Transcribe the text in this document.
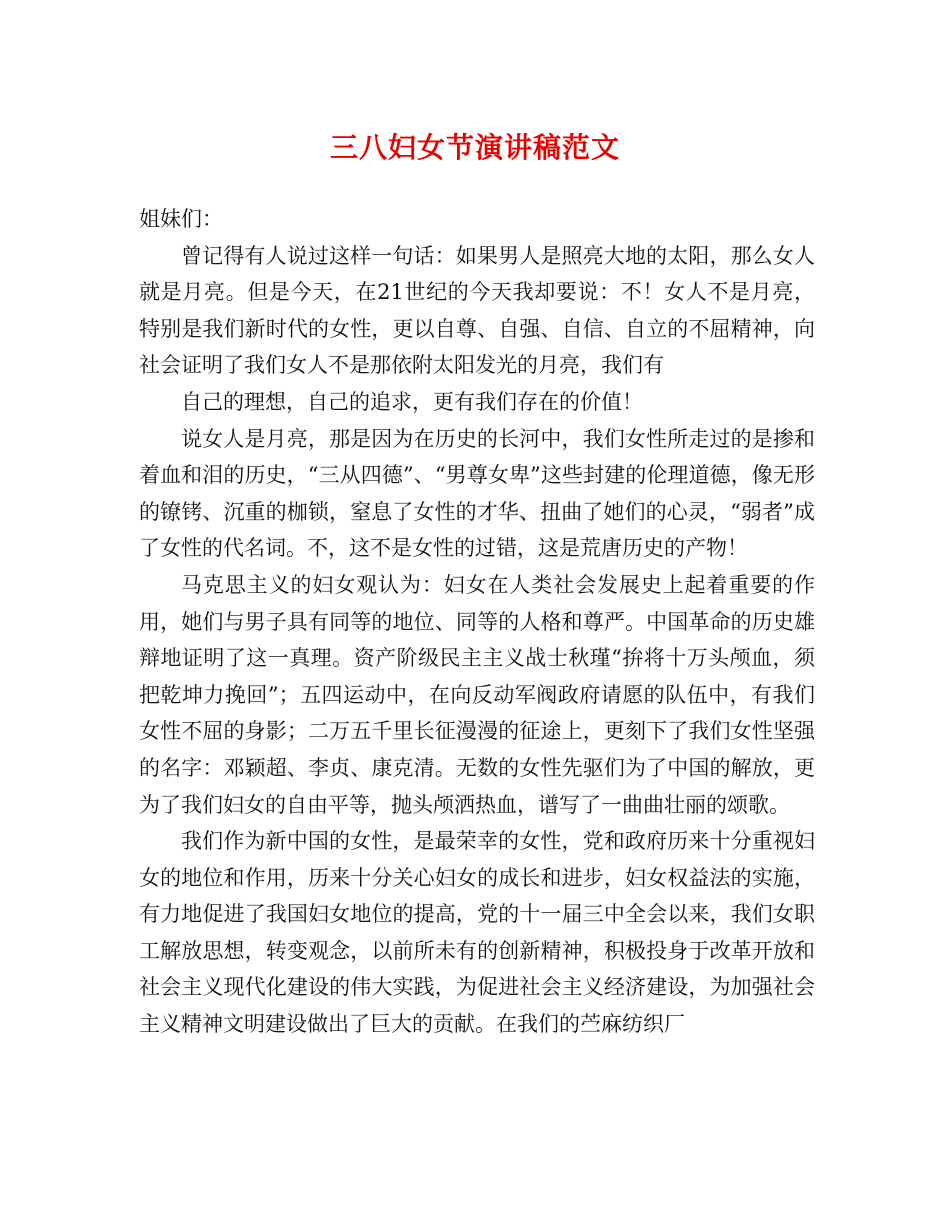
三八妇女节演讲稿范文

姐妹们：

曾记得有人说过这样一句话：如果男人是照亮大地的太阳，那么女人就是月亮。但是今天，在21世纪的今天我却要说：不！女人不是月亮，特别是我们新时代的女性，更以自尊、自强、自信、自立的不屈精神，向社会证明了我们女人不是那依附太阳发光的月亮，我们有

自己的理想，自己的追求，更有我们存在的价值！

说女人是月亮，那是因为在历史的长河中，我们女性所走过的是掺和着血和泪的历史，“三从四德”、“男尊女卑”这些封建的伦理道德，像无形的镣铐、沉重的枷锁，窒息了女性的才华、扭曲了她们的心灵，“弱者”成了女性的代名词。不，这不是女性的过错，这是荒唐历史的产物！

马克思主义的妇女观认为：妇女在人类社会发展史上起着重要的作用，她们与男子具有同等的地位、同等的人格和尊严。中国革命的历史雄辩地证明了这一真理。资产阶级民主主义战士秋瑾“拚将十万头颅血，须把乾坤力挽回”；五四运动中，在向反动军阀政府请愿的队伍中，有我们女性不屈的身影；二万五千里长征漫漫的征途上，更刻下了我们女性坚强的名字：邓颖超、李贞、康克清。无数的女性先驱们为了中国的解放，更为了我们妇女的自由平等，抛头颅洒热血，谱写了一曲曲壮丽的颂歌。

我们作为新中国的女性，是最荣幸的女性，党和政府历来十分重视妇女的地位和作用，历来十分关心妇女的成长和进步，妇女权益法的实施，有力地促进了我国妇女地位的提高，党的十一届三中全会以来，我们女职工解放思想，转变观念，以前所未有的创新精神，积极投身于改革开放和社会主义现代化建设的伟大实践，为促进社会主义经济建设，为加强社会主义精神文明建设做出了巨大的贡献。在我们的苎麻纺织厂
